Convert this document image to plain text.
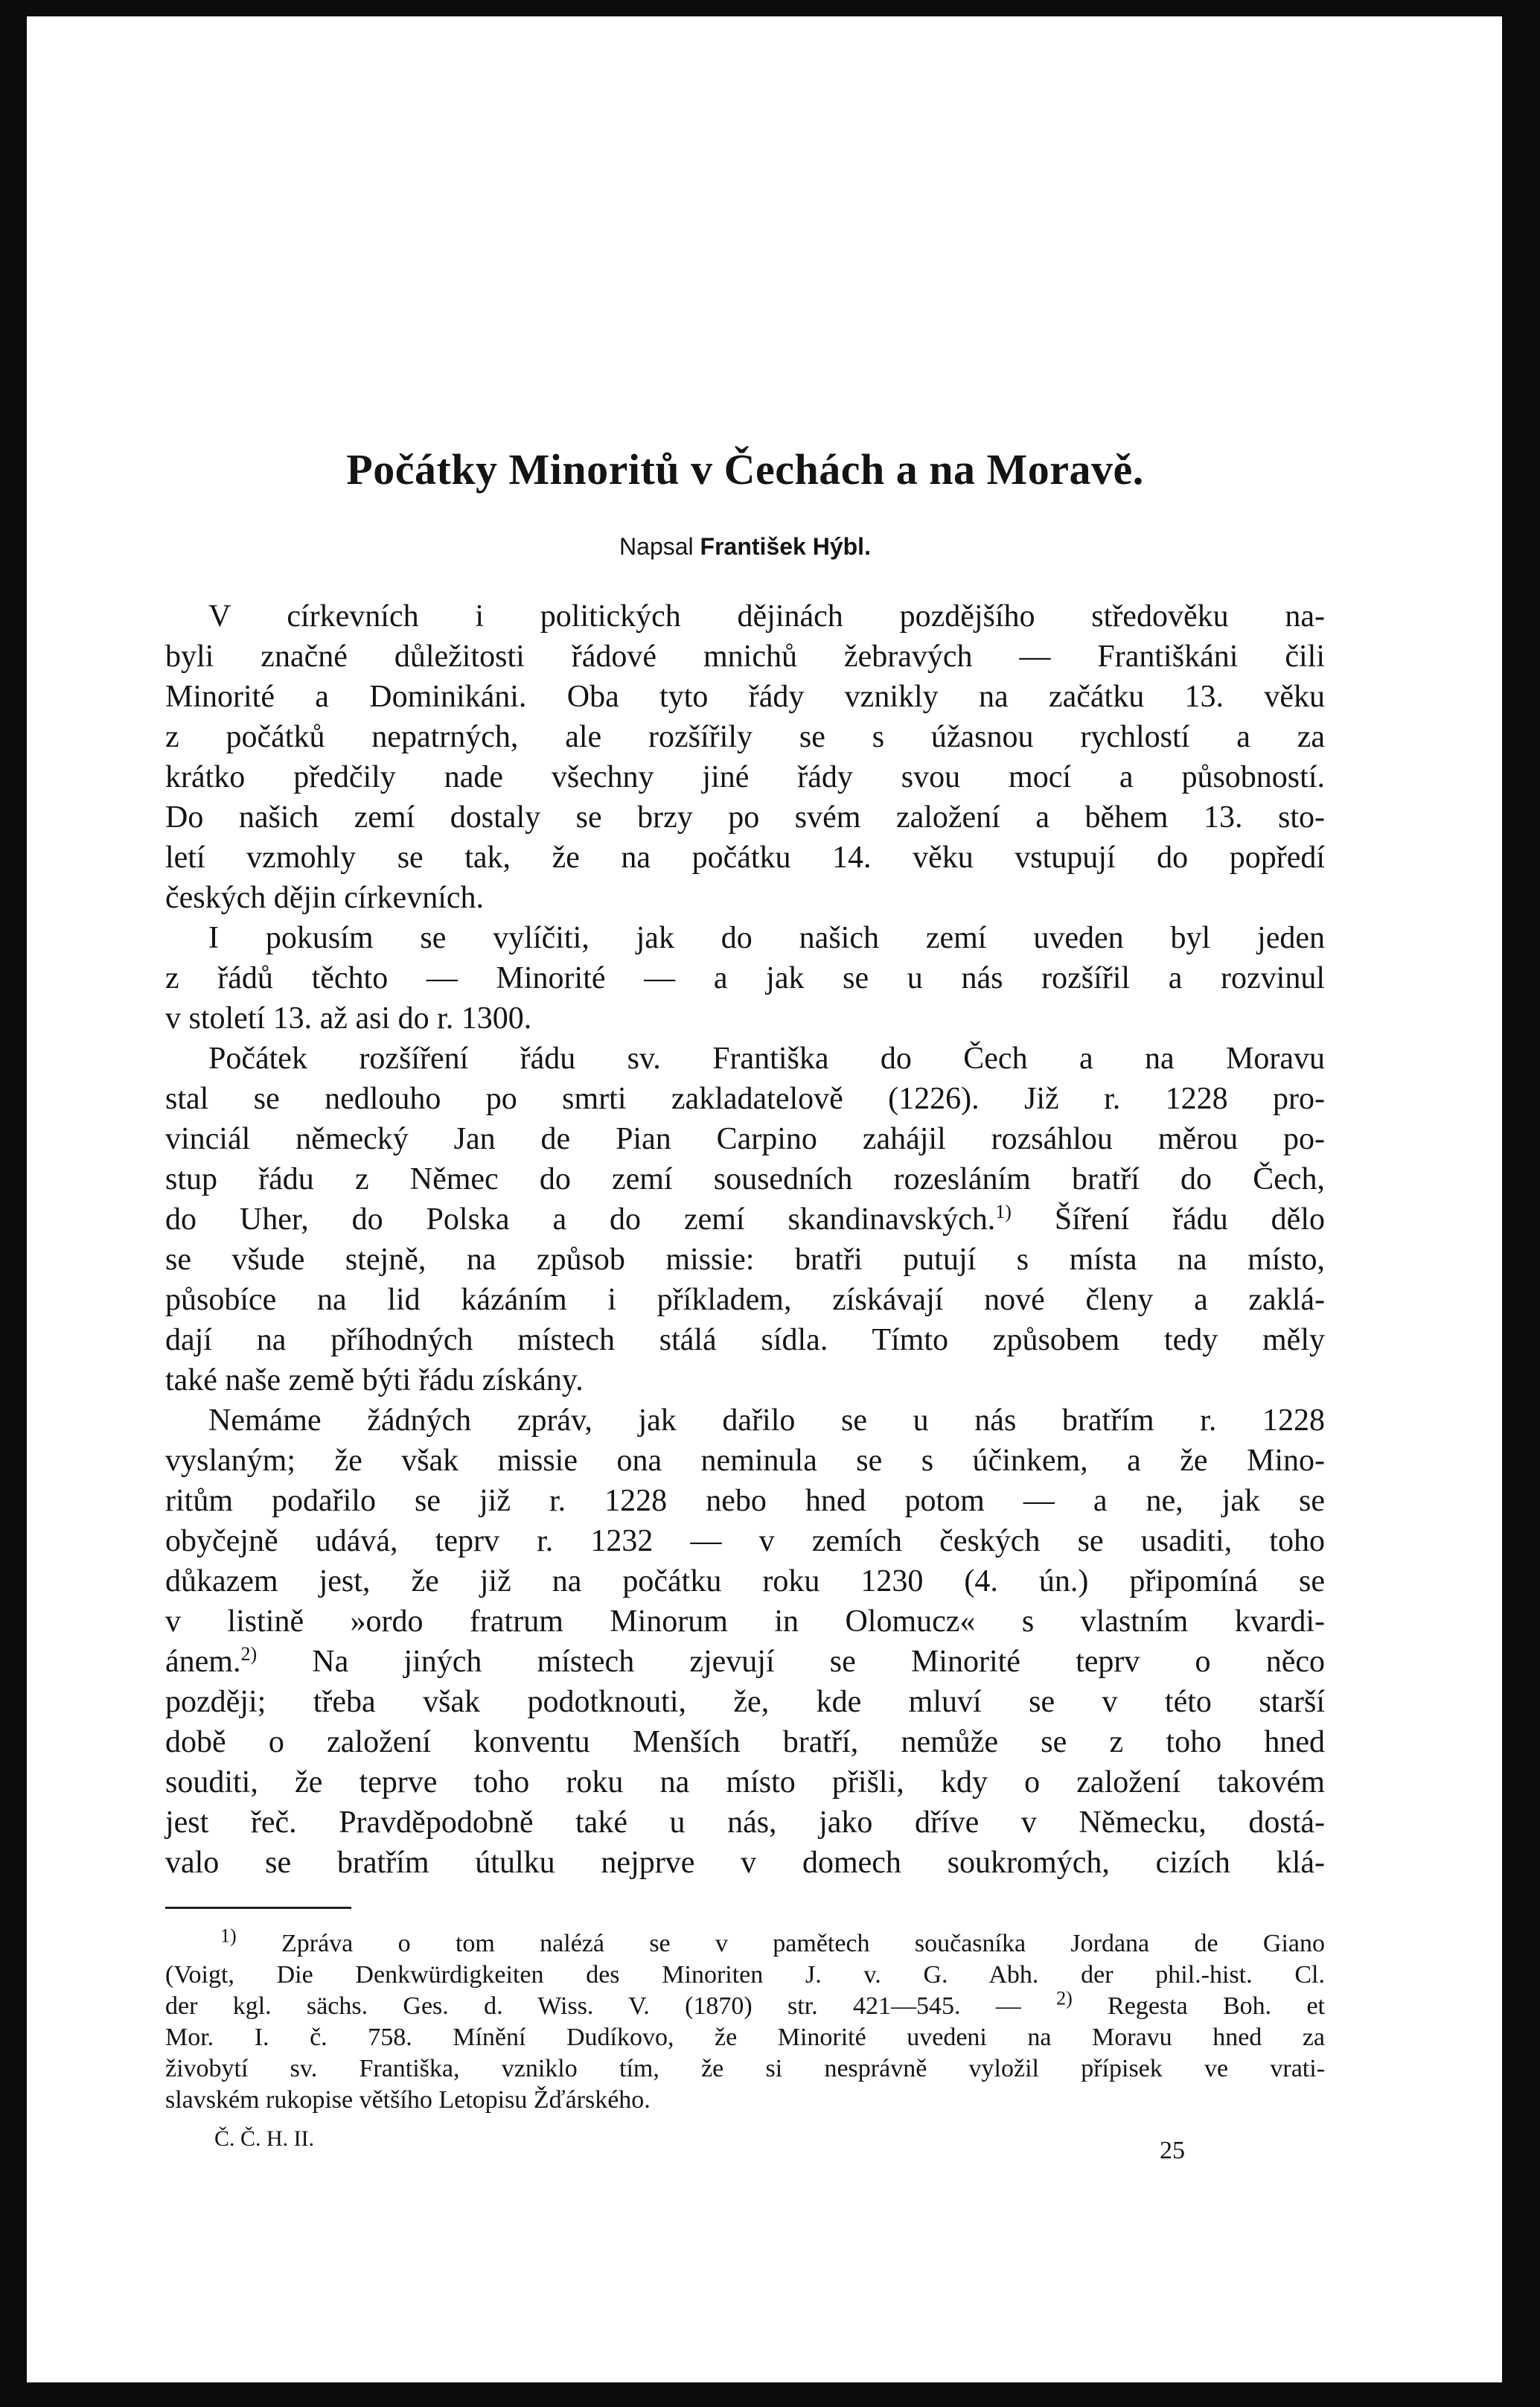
Počátky Minoritů v Čechách a na Moravě.
Napsal František Hýbl.

V církevních i politických dějinách pozdějšího středověku na-

byli značné důležitosti řádové mnichů žebravých — Františkáni čili

Minorité a Dominikáni. Oba tyto řády vznikly na začátku 13. věku

z počátků nepatrných, ale rozšířily se s úžasnou rychlostí a za

krátko předčily nade všechny jiné řády svou mocí a působností.

Do našich zemí dostaly se brzy po svém založení a během 13. sto-

letí vzmohly se tak, že na počátku 14. věku vstupují do popředí

českých dějin církevních.

I pokusím se vylíčiti, jak do našich zemí uveden byl jeden

z řádů těchto — Minorité — a jak se u nás rozšířil a rozvinul

v století 13. až asi do r. 1300.

Počátek rozšíření řádu sv. Františka do Čech a na Moravu

stal se nedlouho po smrti zakladatelově (1226). Již r. 1228 pro-

vinciál německý Jan de Pian Carpino zahájil rozsáhlou měrou po-

stup řádu z Němec do zemí sousedních rozesláním bratří do Čech,

do Uher, do Polska a do zemí skandinavských.$^{1)}$ Šíření řádu dělo

se všude stejně, na způsob missie: bratři putují s místa na místo,

působíce na lid kázáním i příkladem, získávají nové členy a zaklá-

dají na příhodných místech stálá sídla. Tímto způsobem tedy měly

také naše země býti řádu získány.

Nemáme žádných zpráv, jak dařilo se u nás bratřím r. 1228

vyslaným; že však missie ona neminula se s účinkem, a že Mino-

ritům podařilo se již r. 1228 nebo hned potom — a ne, jak se

obyčejně udává, teprv r. 1232 — v zemích českých se usaditi, toho

důkazem jest, že již na počátku roku 1230 (4. ún.) připomíná se

v listině »ordo fratrum Minorum in Olomucz« s vlastním kvardi-

ánem.$^{2)}$ Na jiných místech zjevují se Minorité teprv o něco

později; třeba však podotknouti, že, kde mluví se v této starší

době o založení konventu Menších bratří, nemůže se z toho hned

souditi, že teprve toho roku na místo přišli, kdy o založení takovém

jest řeč. Pravděpodobně také u nás, jako dříve v Německu, dostá-

valo se bratřím útulku nejprve v domech soukromých, cizích klá-

$^{1)}$ Zpráva o tom nalézá se v pamětech současníka Jordana de Giano

(Voigt, Die Denkwürdigkeiten des Minoriten J. v. G. Abh. der phil.-hist. Cl.

der kgl. sächs. Ges. d. Wiss. V. (1870) str. 421—545. — $^{2)}$ Regesta Boh. et

Mor. I. č. 758. Mínění Dudíkovo, že Minorité uvedeni na Moravu hned za

živobytí sv. Františka, vzniklo tím, že si nesprávně vyložil přípisek ve vrati-

slavském rukopise většího Letopisu Žďárského.

Č. Č. H. II.	25
